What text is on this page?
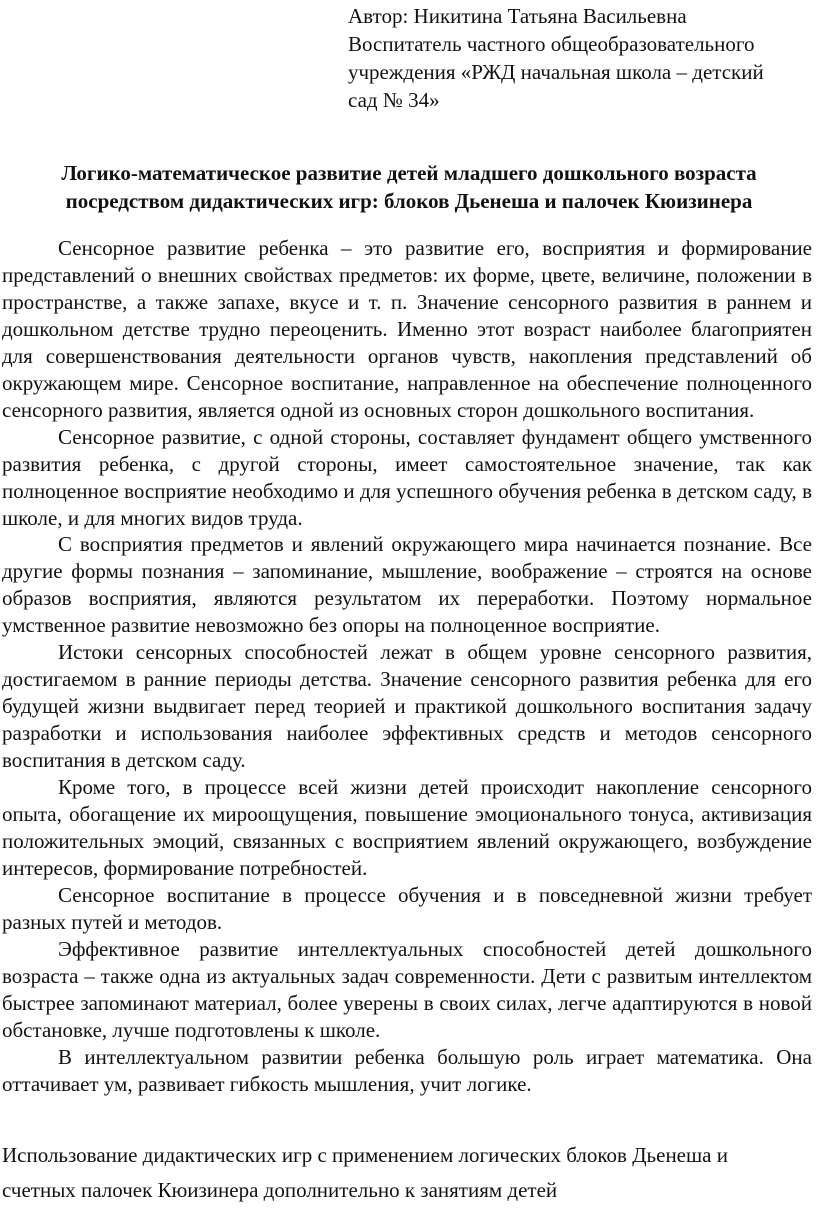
Автор: Никитина Татьяна Васильевна
Воспитатель частного общеобразовательного
учреждения «РЖД начальная школа – детский
сад № 34»
Логико-математическое развитие детей младшего дошкольного возраста
посредством дидактических игр: блоков Дьенеша и палочек Кюизинера

Сенсорное развитие ребенка – это развитие его, восприятия и формирование представлений о внешних свойствах предметов: их форме, цвете, величине, положении в пространстве, а также запахе, вкусе и т. п. Значение сенсорного развития в раннем и дошкольном детстве трудно переоценить. Именно этот возраст наиболее благоприятен для совершенствования деятельности органов чувств, накопления представлений об окружающем мире. Сенсорное воспитание, направленное на обеспечение полноценного сенсорного развития, является одной из основных сторон дошкольного воспитания.

Сенсорное развитие, с одной стороны, составляет фундамент общего умственного развития ребенка, с другой стороны, имеет самостоятельное значение, так как полноценное восприятие необходимо и для успешного обучения ребенка в детском саду, в школе, и для многих видов труда.

С восприятия предметов и явлений окружающего мира начинается познание. Все другие формы познания – запоминание, мышление, воображение – строятся на основе образов восприятия, являются результатом их переработки. Поэтому нормальное умственное развитие невозможно без опоры на полноценное восприятие.

Истоки сенсорных способностей лежат в общем уровне сенсорного развития, достигаемом в ранние периоды детства. Значение сенсорного развития ребенка для его будущей жизни выдвигает перед теорией и практикой дошкольного воспитания задачу разработки и использования наиболее эффективных средств и методов сенсорного воспитания в детском саду.

Кроме того, в процессе всей жизни детей происходит накопление сенсорного опыта, обогащение их мироощущения, повышение эмоционального тонуса, активизация положительных эмоций, связанных с восприятием явлений окружающего, возбуждение интересов, формирование потребностей.

Сенсорное воспитание в процессе обучения и в повседневной жизни требует разных путей и методов.

Эффективное развитие интеллектуальных способностей детей дошкольного возраста – также одна из актуальных задач современности. Дети с развитым интеллектом быстрее запоминают материал, более уверены в своих силах, легче адаптируются в новой обстановке, лучше подготовлены к школе.

В интеллектуальном развитии ребенка большую роль играет математика. Она оттачивает ум, развивает гибкость мышления, учит логике.

Использование дидактических игр с применением логических блоков Дьенеша и
счетных палочек Кюизинера дополнительно к занятиям детей
